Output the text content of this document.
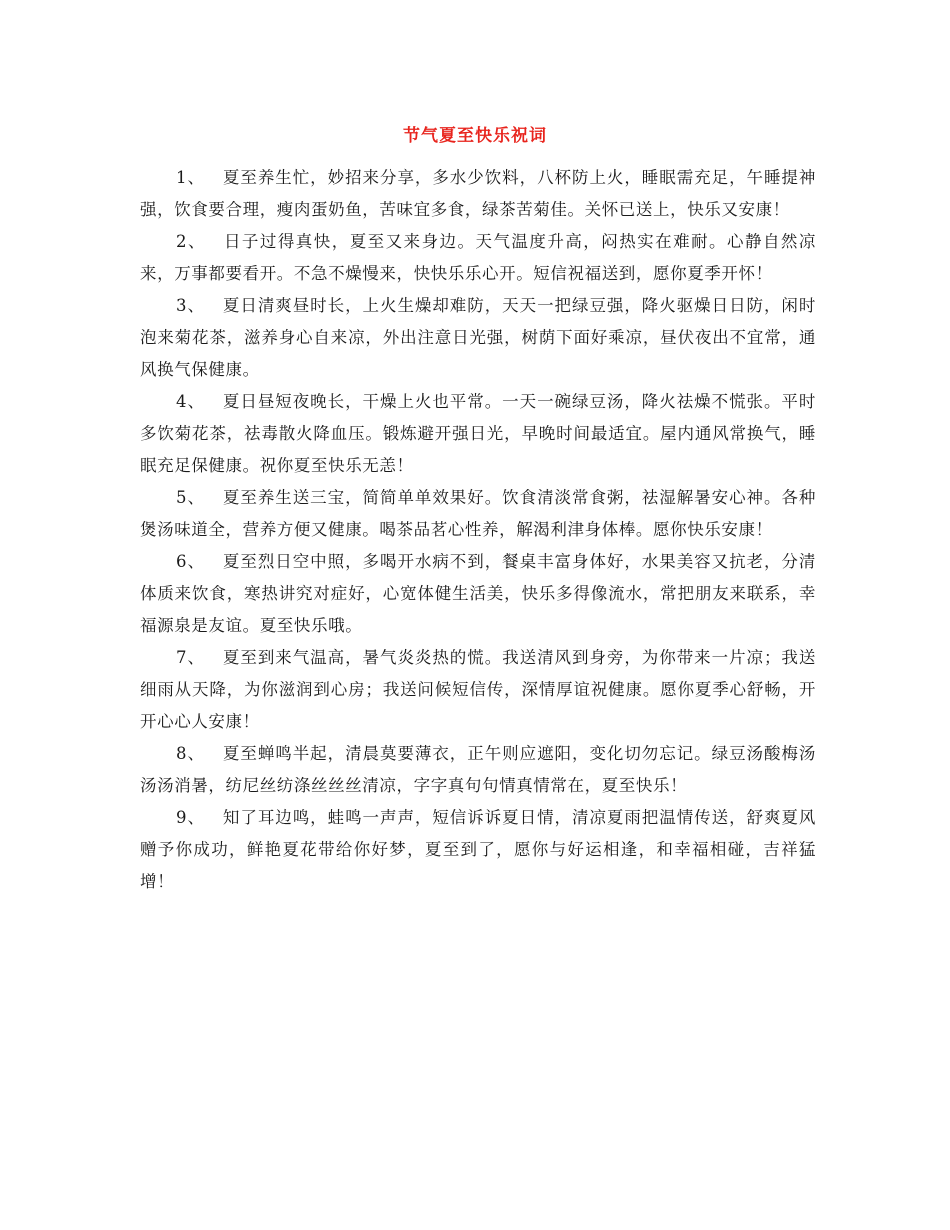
节气夏至快乐祝词

1、 夏至养生忙，妙招来分享，多水少饮料，八杯防上火，睡眠需充足，午睡提神强，饮食要合理，瘦肉蛋奶鱼，苦味宜多食，绿茶苦菊佳。关怀已送上，快乐又安康！

2、 日子过得真快，夏至又来身边。天气温度升高，闷热实在难耐。心静自然凉来，万事都要看开。不急不燥慢来，快快乐乐心开。短信祝福送到，愿你夏季开怀！

3、 夏日清爽昼时长，上火生燥却难防，天天一把绿豆强，降火驱燥日日防，闲时泡来菊花茶，滋养身心自来凉，外出注意日光强，树荫下面好乘凉，昼伏夜出不宜常，通风换气保健康。

4、 夏日昼短夜晚长，干燥上火也平常。一天一碗绿豆汤，降火祛燥不慌张。平时多饮菊花茶，祛毒散火降血压。锻炼避开强日光，早晚时间最适宜。屋内通风常换气，睡眠充足保健康。祝你夏至快乐无恙！

5、 夏至养生送三宝，简简单单效果好。饮食清淡常食粥，祛湿解暑安心神。各种煲汤味道全，营养方便又健康。喝茶品茗心性养，解渴利津身体棒。愿你快乐安康！

6、 夏至烈日空中照，多喝开水病不到，餐桌丰富身体好，水果美容又抗老，分清体质来饮食，寒热讲究对症好，心宽体健生活美，快乐多得像流水，常把朋友来联系，幸福源泉是友谊。夏至快乐哦。

7、 夏至到来气温高，暑气炎炎热的慌。我送清风到身旁，为你带来一片凉；我送细雨从天降，为你滋润到心房；我送问候短信传，深情厚谊祝健康。愿你夏季心舒畅，开开心心人安康！

8、 夏至蝉鸣半起，清晨莫要薄衣，正午则应遮阳，变化切勿忘记。绿豆汤酸梅汤汤汤消暑，纺尼丝纺涤丝丝丝清凉，字字真句句情真情常在，夏至快乐！

9、 知了耳边鸣，蛙鸣一声声，短信诉诉夏日情，清凉夏雨把温情传送，舒爽夏风赠予你成功，鲜艳夏花带给你好梦，夏至到了，愿你与好运相逢，和幸福相碰，吉祥猛增！
